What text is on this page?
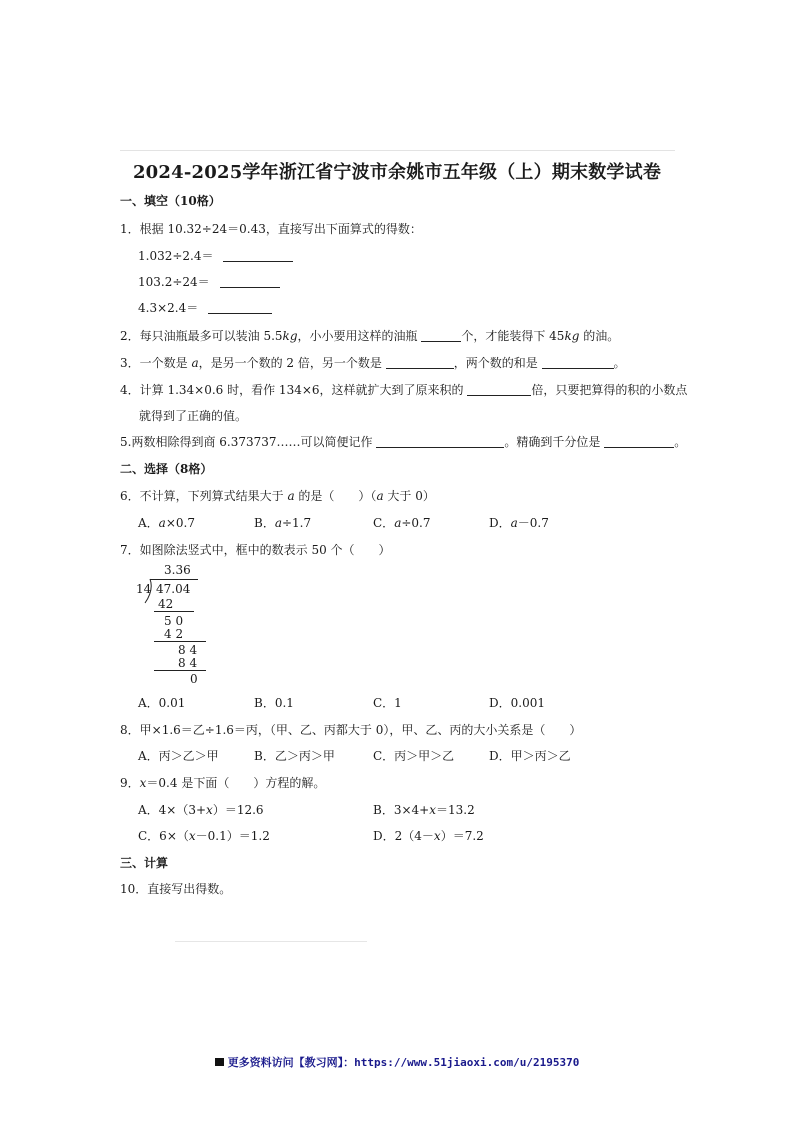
2024-2025学年浙江省宁波市余姚市五年级（上）期末数学试卷
一、填空（10格）
1．根据 10.32÷24＝0.43，直接写出下面算式的得数：
1.032÷2.4＝
103.2÷24＝
4.3×2.4＝
2．每只油瓶最多可以装油 5.5kg，小小要用这样的油瓶	个，才能装得下 45kg 的油。
3．一个数是 a，是另一个数的 2 倍，另一个数是	，两个数的和是	。
4．计算 1.34×0.6 时，看作 134×6，这样就扩大到了原来积的	倍，只要把算得的积的小数点
就得到了正确的值。
5.两数相除得到商 6.373737……可以简便记作	。精确到千分位是	。
二、选择（8格）
6．不计算，下列算式结果大于 a 的是（　　）（a 大于 0）
A．a×0.7	B．a÷1.7	C．a÷0.7	D．a－0.7
7．如图除法竖式中，框中的数表示 50 个（　　）
3.36
14 47.04
42
5 0
4 2
8 4
8 4
0
A．0.01	B．0.1	C．1	D．0.001
8．甲×1.6＝乙÷1.6＝丙，（甲、乙、丙都大于 0），甲、乙、丙的大小关系是（　　）
A．丙＞乙＞甲	B．乙＞丙＞甲	C．丙＞甲＞乙	D．甲＞丙＞乙
9．x＝0.4 是下面（　　）方程的解。
A．4×（3+x）＝12.6	B．3×4+x＝13.2
C．6×（x－0.1）＝1.2	D．2（4－x）＝7.2
三、计算
10．直接写出得数。
更多资料访问【教习网】：https://www.51jiaoxi.com/u/2195370
